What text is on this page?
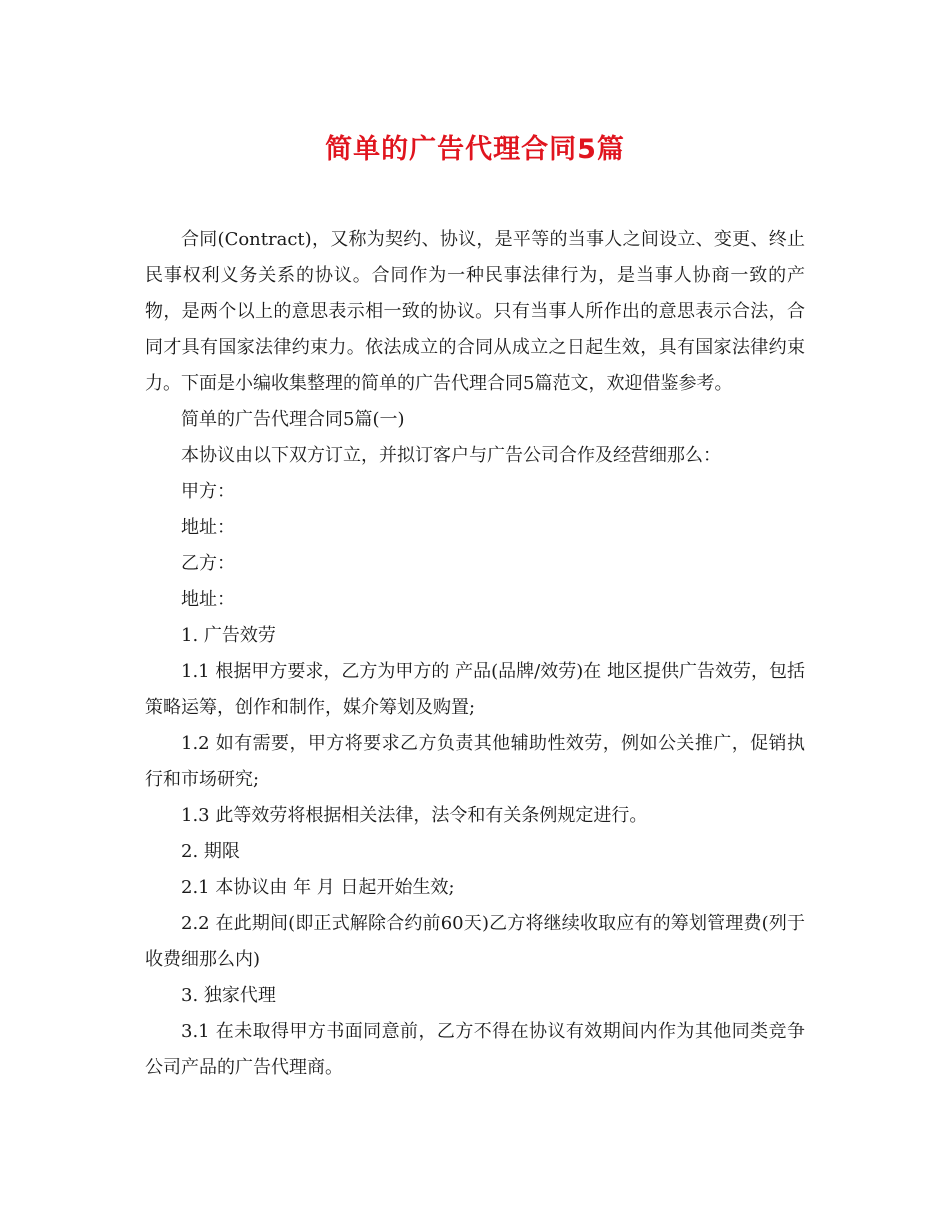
简单的广告代理合同5篇

合同(Contract)，又称为契约、协议，是平等的当事人之间设立、变更、终止民事权利义务关系的协议。合同作为一种民事法律行为，是当事人协商一致的产物，是两个以上的意思表示相一致的协议。只有当事人所作出的意思表示合法，合同才具有国家法律约束力。依法成立的合同从成立之日起生效，具有国家法律约束力。下面是小编收集整理的简单的广告代理合同5篇范文，欢迎借鉴参考。

简单的广告代理合同5篇(一)

本协议由以下双方订立，并拟订客户与广告公司合作及经营细那么：

甲方：

地址：

乙方：

地址：

1. 广告效劳

1.1 根据甲方要求，乙方为甲方的 产品(品牌/效劳)在 地区提供广告效劳，包括策略运筹，创作和制作，媒介筹划及购置;

1.2 如有需要，甲方将要求乙方负责其他辅助性效劳，例如公关推广，促销执行和市场研究;

1.3 此等效劳将根据相关法律，法令和有关条例规定进行。

2. 期限

2.1 本协议由 年 月 日起开始生效;

2.2 在此期间(即正式解除合约前60天)乙方将继续收取应有的筹划管理费(列于收费细那么内)

3. 独家代理

3.1 在未取得甲方书面同意前，乙方不得在协议有效期间内作为其他同类竞争公司产品的广告代理商。
